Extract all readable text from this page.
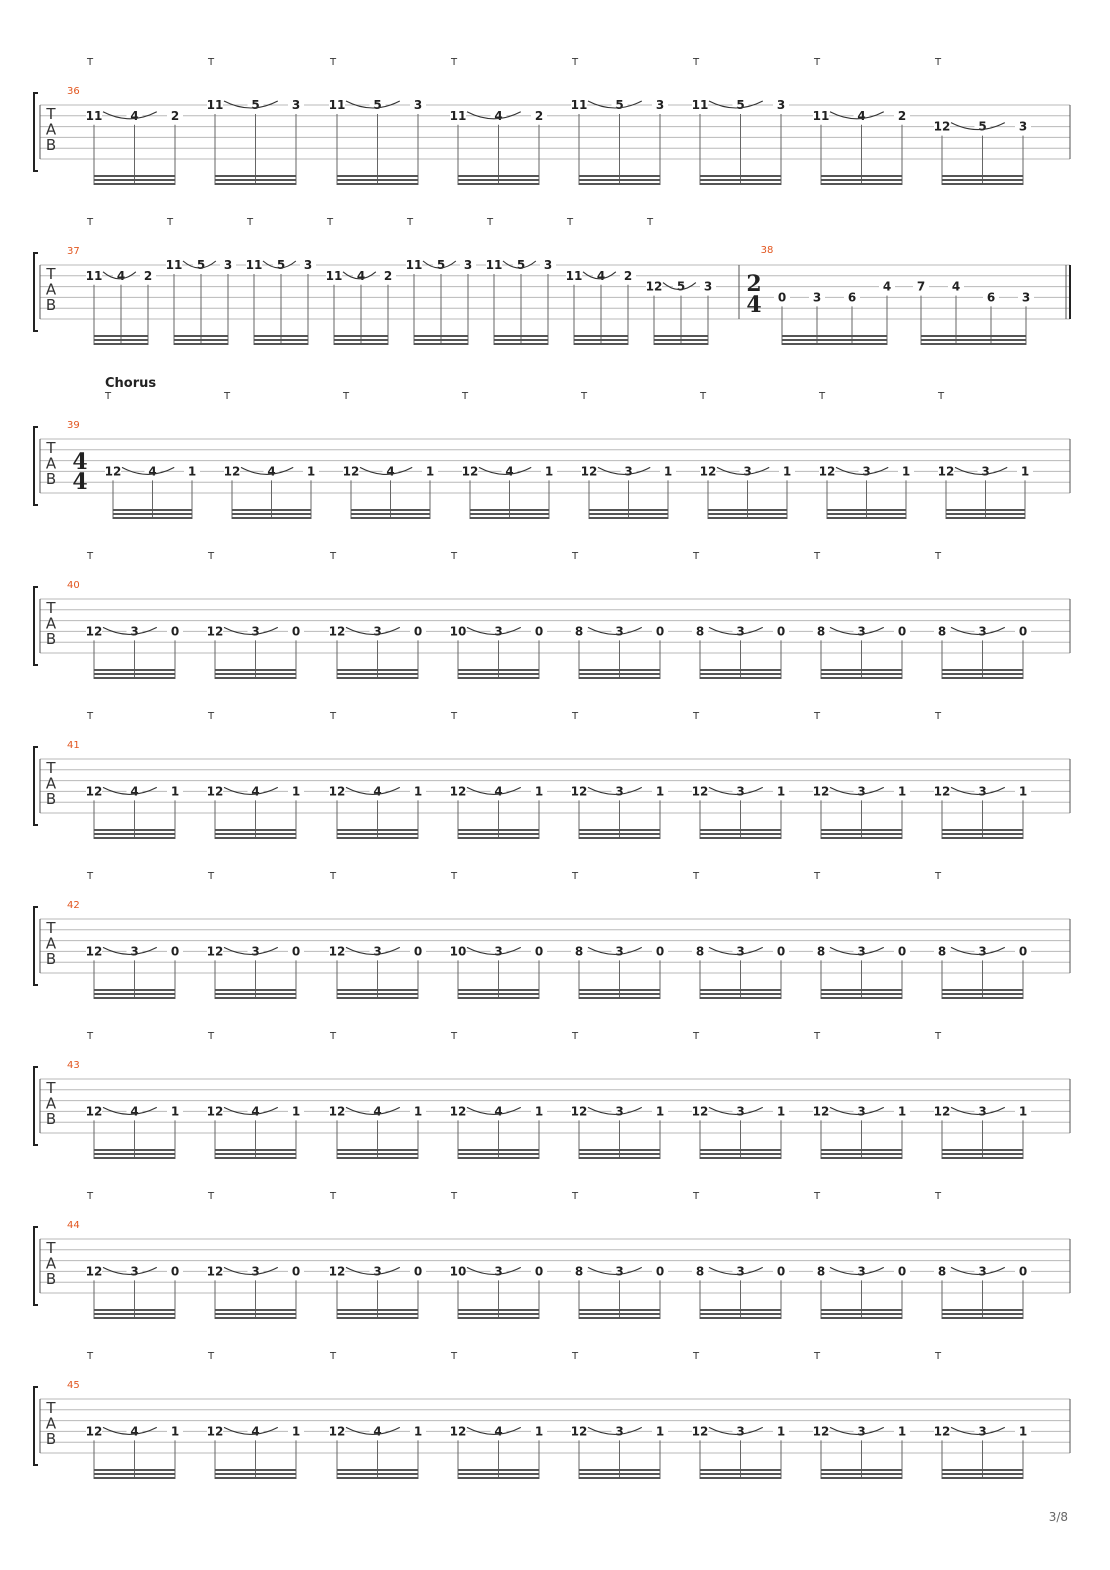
T
A
B
36
11 4	2
T
11 5	3
T
11 5	3
T
11 4	2
T
11 5	3
T
11 5	3
T
11 4	2
T
12 5	3
T
T
A
B
37
11 4 2
T
11 5 3
T
11 5 3
T
11 4 2
T
11 5 3
T
11 5 3
T
11 4 2
T
12 5 3
T
38
2
4 0 3 6
4 7 4
6 3
T
A
B
39
Chorus
4
4 12 4	1
T
12 4	1
T
12 4	1
T
12 4	1
T
12 3	1
T
12 3	1
T
12 3	1
T
12 3	1
T
T
A
B
40
12 3	0
T
12 3	0
T
12 3	0
T
10 3	0
T
8	3	0
T
8	3	0
T
8	3	0
T
8	3	0
T
T
A
B
41
12 4	1
T
12 4	1
T
12 4	1
T
12 4	1
T
12 3	1
T
12 3	1
T
12 3	1
T
12 3	1
T
T
A
B
42
12 3	0
T
12 3	0
T
12 3	0
T
10 3	0
T
8	3	0
T
8	3	0
T
8	3	0
T
8	3	0
T
T
A
B
43
12 4	1
T
12 4	1
T
12 4	1
T
12 4	1
T
12 3	1
T
12 3	1
T
12 3	1
T
12 3	1
T
T
A
B
44
12 3	0
T
12 3	0
T
12 3	0
T
10 3	0
T
8	3	0
T
8	3	0
T
8	3	0
T
8	3	0
T
T
A
B
45
12 4	1
T
12 4	1
T
12 4	1
T
12 4	1
T
12 3	1
T
12 3	1
T
12 3	1
T
12 3	1
T
3/8
